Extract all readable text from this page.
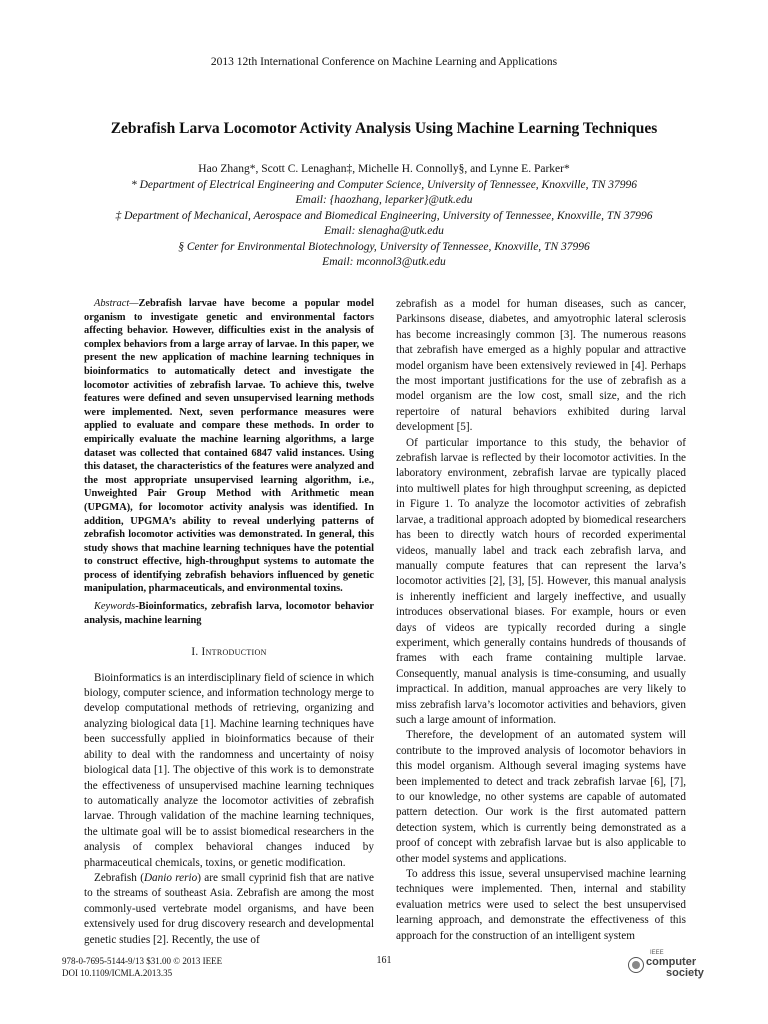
2013 12th International Conference on Machine Learning and Applications
Zebrafish Larva Locomotor Activity Analysis Using Machine Learning Techniques
Hao Zhang*, Scott C. Lenaghan‡, Michelle H. Connolly§, and Lynne E. Parker*
* Department of Electrical Engineering and Computer Science, University of Tennessee, Knoxville, TN 37996
Email: {haozhang, leparker}@utk.edu
‡ Department of Mechanical, Aerospace and Biomedical Engineering, University of Tennessee, Knoxville, TN 37996
Email: slenagha@utk.edu
§ Center for Environmental Biotechnology, University of Tennessee, Knoxville, TN 37996
Email: mconnol3@utk.edu

Abstract—Zebrafish larvae have become a popular model organism to investigate genetic and environmental factors affecting behavior. However, difficulties exist in the analysis of complex behaviors from a large array of larvae. In this paper, we present the new application of machine learning techniques in bioinformatics to automatically detect and investigate the locomotor activities of zebrafish larvae. To achieve this, twelve features were defined and seven unsupervised learning methods were implemented. Next, seven performance measures were applied to evaluate and compare these methods. In order to empirically evaluate the machine learning algorithms, a large dataset was collected that contained 6847 valid instances. Using this dataset, the characteristics of the features were analyzed and the most appropriate unsupervised learning algorithm, i.e., Unweighted Pair Group Method with Arithmetic mean (UPGMA), for locomotor activity analysis was identified. In addition, UPGMA’s ability to reveal underlying patterns of zebrafish locomotor activities was demonstrated. In general, this study shows that machine learning techniques have the potential to construct effective, high-throughput systems to automate the process of identifying zebrafish behaviors influenced by genetic manipulation, pharmaceuticals, and environmental toxins.

Keywords-Bioinformatics, zebrafish larva, locomotor behavior analysis, machine learning

I. Introduction

Bioinformatics is an interdisciplinary field of science in which biology, computer science, and information technology merge to develop computational methods of retrieving, organizing and analyzing biological data [1]. Machine learning techniques have been successfully applied in bioinformatics because of their ability to deal with the randomness and uncertainty of noisy biological data [1]. The objective of this work is to demonstrate the effectiveness of unsupervised machine learning techniques to automatically analyze the locomotor activities of zebrafish larvae. Through validation of the machine learning techniques, the ultimate goal will be to assist biomedical researchers in the analysis of complex behavioral changes induced by pharmaceutical chemicals, toxins, or genetic modification.

Zebrafish (Danio rerio) are small cyprinid fish that are native to the streams of southeast Asia. Zebrafish are among the most commonly-used vertebrate model organisms, and have been extensively used for drug discovery research and developmental genetic studies [2]. Recently, the use of

zebrafish as a model for human diseases, such as cancer, Parkinsons disease, diabetes, and amyotrophic lateral sclerosis has become increasingly common [3]. The numerous reasons that zebrafish have emerged as a highly popular and attractive model organism have been extensively reviewed in [4]. Perhaps the most important justifications for the use of zebrafish as a model organism are the low cost, small size, and the rich repertoire of natural behaviors exhibited during larval development [5].

Of particular importance to this study, the behavior of zebrafish larvae is reflected by their locomotor activities. In the laboratory environment, zebrafish larvae are typically placed into multiwell plates for high throughput screening, as depicted in Figure 1. To analyze the locomotor activities of zebrafish larvae, a traditional approach adopted by biomedical researchers has been to directly watch hours of recorded experimental videos, manually label and track each zebrafish larva, and manually compute features that can represent the larva’s locomotor activities [2], [3], [5]. However, this manual analysis is inherently inefficient and largely ineffective, and usually introduces observational biases. For example, hours or even days of videos are typically recorded during a single experiment, which generally contains hundreds of thousands of frames with each frame containing multiple larvae. Consequently, manual analysis is time-consuming, and usually impractical. In addition, manual approaches are very likely to miss zebrafish larva’s locomotor activities and behaviors, given such a large amount of information.

Therefore, the development of an automated system will contribute to the improved analysis of locomotor behaviors in this model organism. Although several imaging systems have been implemented to detect and track zebrafish larvae [6], [7], to our knowledge, no other systems are capable of automated pattern detection. Our work is the first automated pattern detection system, which is currently being demonstrated as a proof of concept with zebrafish larvae but is also applicable to other model systems and applications.

To address this issue, several unsupervised machine learning techniques were implemented. Then, internal and stability evaluation metrics were used to select the best unsupervised learning approach, and demonstrate the effectiveness of this approach for the construction of an intelligent system

978-0-7695-5144-9/13 $31.00 © 2013 IEEE
DOI 10.1109/ICMLA.2013.35
161
IEEE
computer
society
